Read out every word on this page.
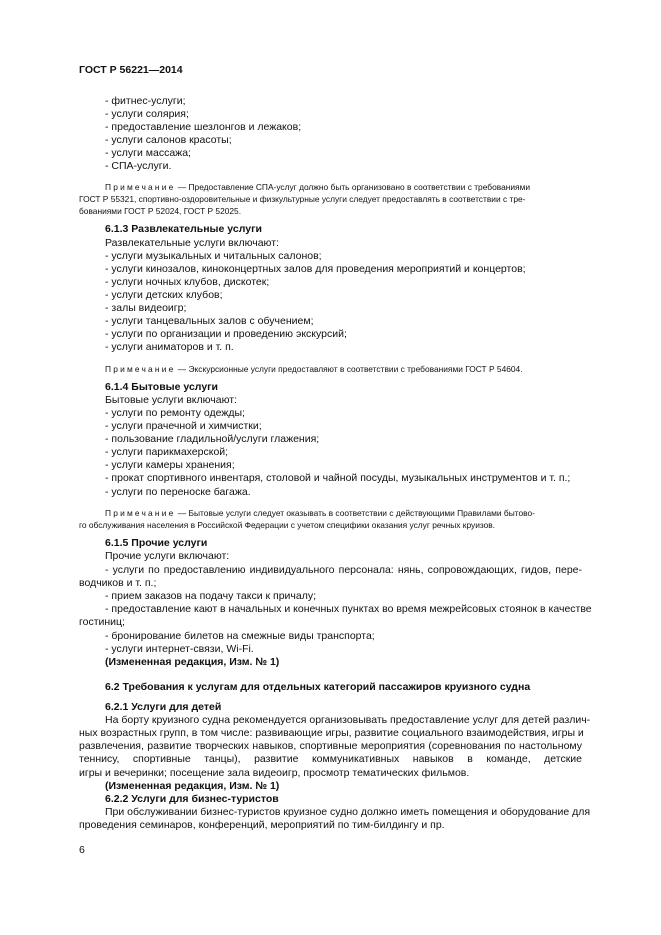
ГОСТ Р 56221—2014
- фитнес-услуги;
- услуги солярия;
- предоставление шезлонгов и лежаков;
- услуги салонов красоты;
- услуги массажа;
- СПА-услуги.
Примечание — Предоставление СПА-услуг должно быть организовано в соответствии с требованиями
ГОСТ Р 55321, спортивно-оздоровительные и физкультурные услуги следует предоставлять в соответствии с тре-
бованиями ГОСТ Р 52024, ГОСТ Р 52025.
6.1.3 Развлекательные услуги
Развлекательные услуги включают:
- услуги музыкальных и читальных салонов;
- услуги кинозалов, киноконцертных залов для проведения мероприятий и концертов;
- услуги ночных клубов, дискотек;
- услуги детских клубов;
- залы видеоигр;
- услуги танцевальных залов с обучением;
- услуги по организации и проведению экскурсий;
- услуги аниматоров и т. п.
Примечание — Экскурсионные услуги предоставляют в соответствии с требованиями ГОСТ Р 54604.
6.1.4 Бытовые услуги
Бытовые услуги включают:
- услуги по ремонту одежды;
- услуги прачечной и химчистки;
- пользование гладильной/услуги глажения;
- услуги парикмахерской;
- услуги камеры хранения;
- прокат спортивного инвентаря, столовой и чайной посуды, музыкальных инструментов и т. п.;
- услуги по переноске багажа.
Примечание — Бытовые услуги следует оказывать в соответствии с действующими Правилами бытово-
го обслуживания населения в Российской Федерации с учетом специфики оказания услуг речных круизов.
6.1.5 Прочие услуги
Прочие услуги включают:
- услуги по предоставлению индивидуального персонала: нянь, сопровождающих, гидов, пере-
водчиков и т. п.;
- прием заказов на подачу такси к причалу;
- предоставление кают в начальных и конечных пунктах во время межрейсовых стоянок в качестве
гостиниц;
- бронирование билетов на смежные виды транспорта;
- услуги интернет-связи, Wi-Fi.
(Измененная редакция, Изм. № 1)
6.2 Требования к услугам для отдельных категорий пассажиров круизного судна
6.2.1 Услуги для детей
На борту круизного судна рекомендуется организовывать предоставление услуг для детей различ-
ных возрастных групп, в том числе: развивающие игры, развитие социального взаимодействия, игры и
развлечения, развитие творческих навыков, спортивные мероприятия (соревнования по настольному
теннису, спортивные танцы), развитие коммуникативных навыков в команде, детские
игры и вечеринки; посещение зала видеоигр, просмотр тематических фильмов.
(Измененная редакция, Изм. № 1)
6.2.2 Услуги для бизнес-туристов
При обслуживании бизнес-туристов круизное судно должно иметь помещения и оборудование для
проведения семинаров, конференций, мероприятий по тим-билдингу и пр.
6
